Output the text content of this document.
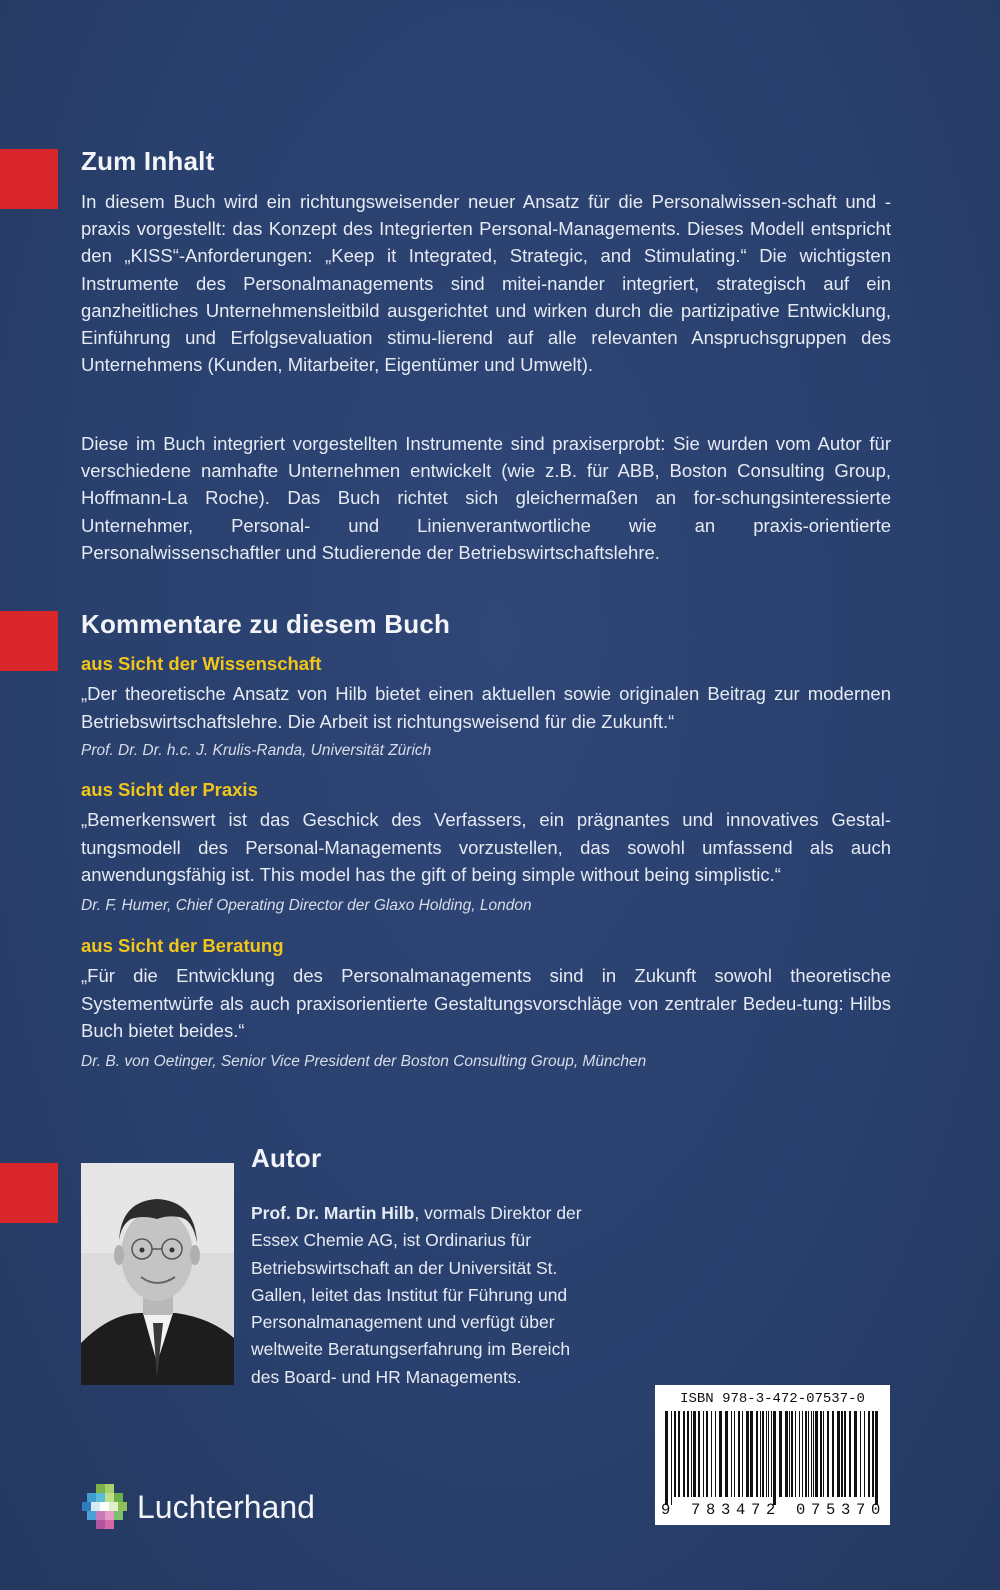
Zum Inhalt

In diesem Buch wird ein richtungsweisender neuer Ansatz für die Personalwissen-schaft und -praxis vorgestellt: das Konzept des Integrierten Personal-Managements. Dieses Modell entspricht den „KISS“-Anforderungen: „Keep it Integrated, Strategic, and Stimulating.“ Die wichtigsten Instrumente des Personalmanagements sind mitei-nander integriert, strategisch auf ein ganzheitliches Unternehmensleitbild ausgerichtet und wirken durch die partizipative Entwicklung, Einführung und Erfolgsevaluation stimu-lierend auf alle relevanten Anspruchsgruppen des Unternehmens (Kunden, Mitarbeiter, Eigentümer und Umwelt).

Diese im Buch integriert vorgestellten Instrumente sind praxiserprobt: Sie wurden vom Autor für verschiedene namhafte Unternehmen entwickelt (wie z.B. für ABB, Boston Consulting Group, Hoffmann-La Roche). Das Buch richtet sich gleichermaßen an for-schungsinteressierte Unternehmer, Personal- und Linienverantwortliche wie an praxis-orientierte Personalwissenschaftler und Studierende der Betriebswirtschaftslehre.

Kommentare zu diesem Buch

aus Sicht der Wissenschaft

„Der theoretische Ansatz von Hilb bietet einen aktuellen sowie originalen Beitrag zur modernen Betriebswirtschaftslehre. Die Arbeit ist richtungsweisend für die Zukunft.“

Prof. Dr. Dr. h.c. J. Krulis-Randa, Universität Zürich

aus Sicht der Praxis

„Bemerkenswert ist das Geschick des Verfassers, ein prägnantes und innovatives Gestal-tungsmodell des Personal-Managements vorzustellen, das sowohl umfassend als auch anwendungsfähig ist. This model has the gift of being simple without being simplistic.“

Dr. F. Humer, Chief Operating Director der Glaxo Holding, London

aus Sicht der Beratung

„Für die Entwicklung des Personalmanagements sind in Zukunft sowohl theoretische Systementwürfe als auch praxisorientierte Gestaltungsvorschläge von zentraler Bedeu-tung: Hilbs Buch bietet beides.“

Dr. B. von Oetinger, Senior Vice President der Boston Consulting Group, München

Autor

Prof. Dr. Martin Hilb, vormals Direktor der Essex Chemie AG, ist Ordinarius für Betriebswirtschaft an der Universität St. Gallen, leitet das Institut für Führung und Personalmanagement und verfügt über weltweite Beratungserfahrung im Bereich des Board- und HR Managements.

ISBN 978-3-472-07537-0
9 783472 075370
Luchterhand
